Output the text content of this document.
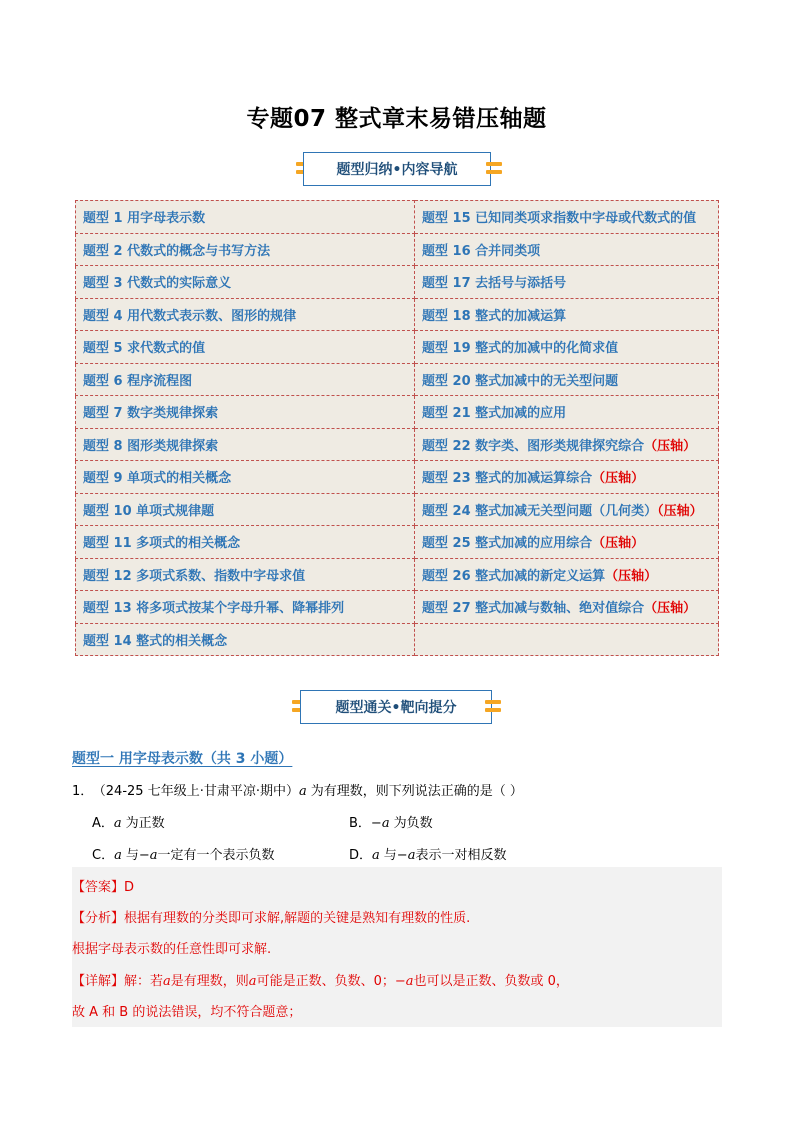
专题07 整式章末易错压轴题
题型归纳•内容导航
题型 1 用字母表示数	题型 15 已知同类项求指数中字母或代数式的值
题型 2 代数式的概念与书写方法	题型 16 合并同类项
题型 3 代数式的实际意义	题型 17 去括号与添括号
题型 4 用代数式表示数、图形的规律	题型 18 整式的加减运算
题型 5 求代数式的值	题型 19 整式的加减中的化简求值
题型 6 程序流程图	题型 20 整式加减中的无关型问题
题型 7 数字类规律探索	题型 21 整式加减的应用
题型 8 图形类规律探索	题型 22 数字类、图形类规律探究综合（压轴）
题型 9 单项式的相关概念	题型 23 整式的加减运算综合（压轴）
题型 10 单项式规律题	题型 24 整式加减无关型问题（几何类）（压轴）
题型 11 多项式的相关概念	题型 25 整式加减的应用综合（压轴）
题型 12 多项式系数、指数中字母求值	题型 26 整式加减的新定义运算（压轴）
题型 13 将多项式按某个字母升幂、降幂排列	题型 27 整式加减与数轴、绝对值综合（压轴）
题型 14 整式的相关概念	
题型通关•靶向提分
题型一 用字母表示数（共 3 小题）
1． （24-25 七年级上·甘肃平凉·期中）a 为有理数，则下列说法正确的是（ ）
A．a 为正数	B．−a 为负数
C．a 与−a一定有一个表示负数	D．a 与−a表示一对相反数
【答案】D
【分析】根据有理数的分类即可求解,解题的关键是熟知有理数的性质.
根据字母表示数的任意性即可求解.
【详解】解：若a是有理数，则a可能是正数、负数、0；−a也可以是正数、负数或 0，
故 A 和 B 的说法错误，均不符合题意；
